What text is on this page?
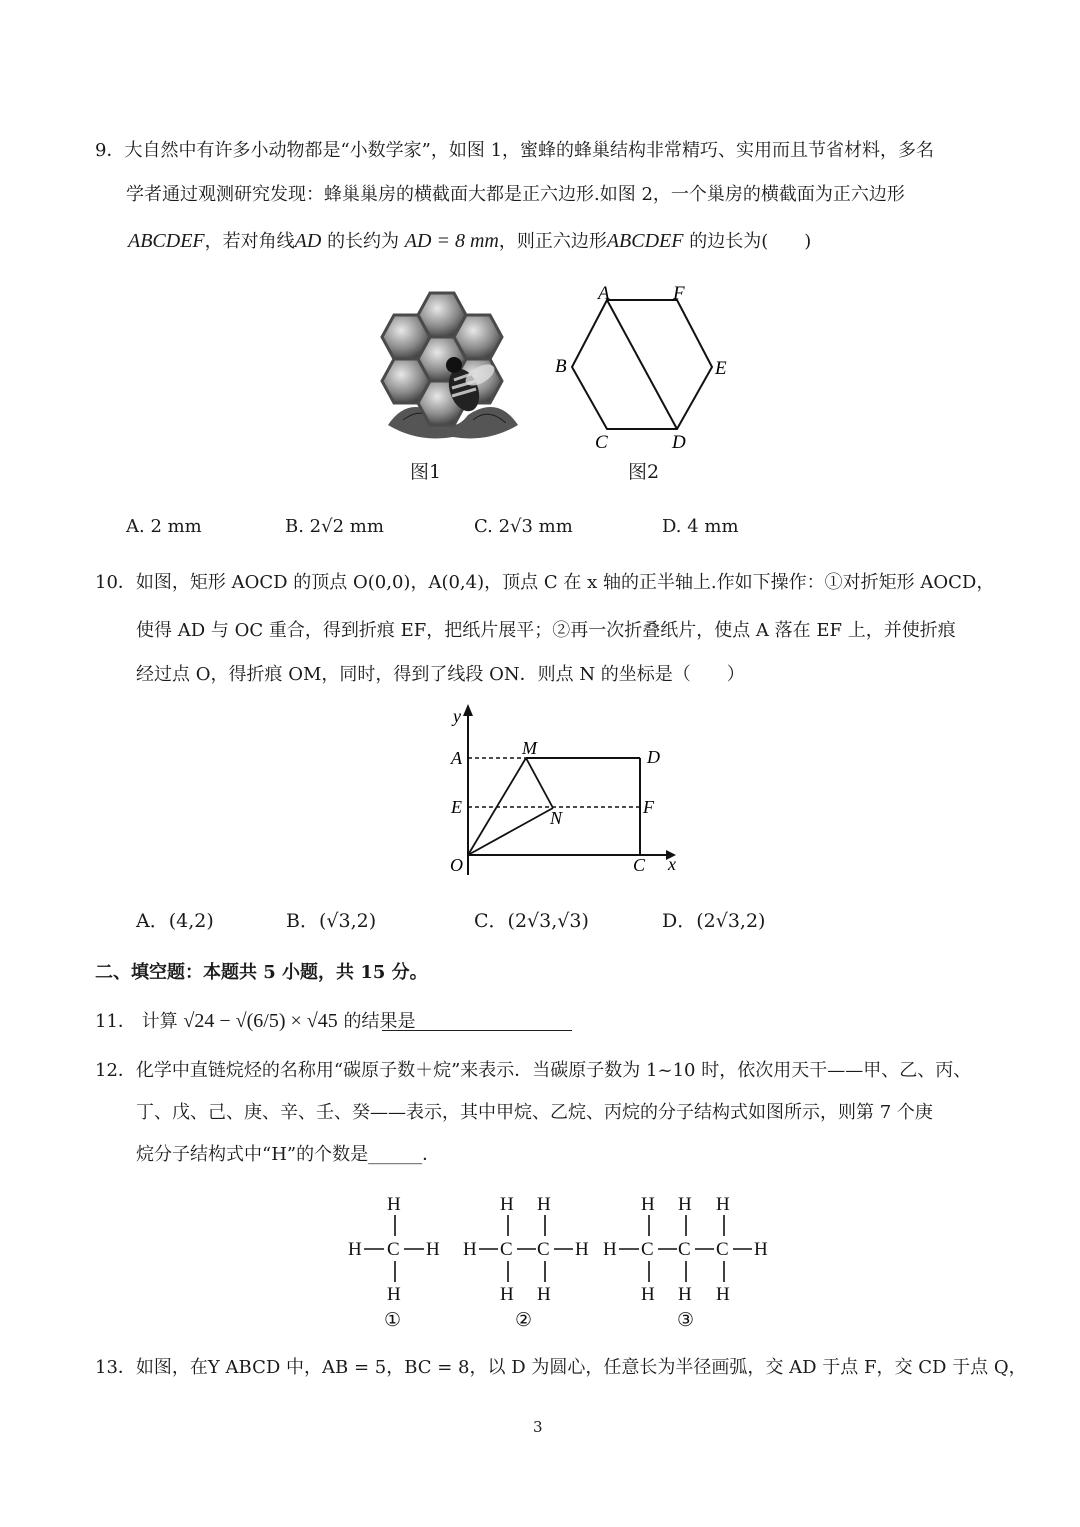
9．大自然中有许多小动物都是“小数学家”，如图 1，蜜蜂的蜂巢结构非常精巧、实用而且节省材料，多名
学者通过观测研究发现：蜂巢巢房的横截面大都是正六边形.如图 2，一个巢房的横截面为正六边形
ABCDEF，若对角线AD 的长约为 AD = 8 mm，则正六边形ABCDEF 的边长为(　　)
A	F
B	E
C	D
图1	图2
A. 2 mm	B. 2√2 mm	C. 2√3 mm	D. 4 mm
10．如图，矩形 AOCD 的顶点 O(0,0)，A(0,4)，顶点 C 在 x 轴的正半轴上.作如下操作：①对折矩形 AOCD，
使得 AD 与 OC 重合，得到折痕 EF，把纸片展平；②再一次折叠纸片，使点 A 落在 EF 上，并使折痕
经过点 O，得折痕 OM，同时，得到了线段 ON．则点 N 的坐标是（　　）
y
x
A	M	D
E	F
N
O	C
A．(4,2)	B．(√3,2)	C．(2√3,√3)	D．(2√3,2)
二、填空题：本题共 5 小题，共 15 分。
11． 计算 √24 − √(6/5) × √45 的结果是
12．化学中直链烷烃的名称用“碳原子数＋烷”来表示．当碳原子数为 1~10 时，依次用天干——甲、乙、丙、
丁、戊、己、庚、辛、壬、癸——表示，其中甲烷、乙烷、丙烷的分子结构式如图所示，则第 7 个庚
烷分子结构式中“H”的个数是______．
H
H C H
H
H H
H C C H
H H
H H H
H C C C H
H H H
①	②	③
13．如图，在Y ABCD 中，AB = 5，BC = 8，以 D 为圆心，任意长为半径画弧，交 AD 于点 F，交 CD 于点 Q，
3
